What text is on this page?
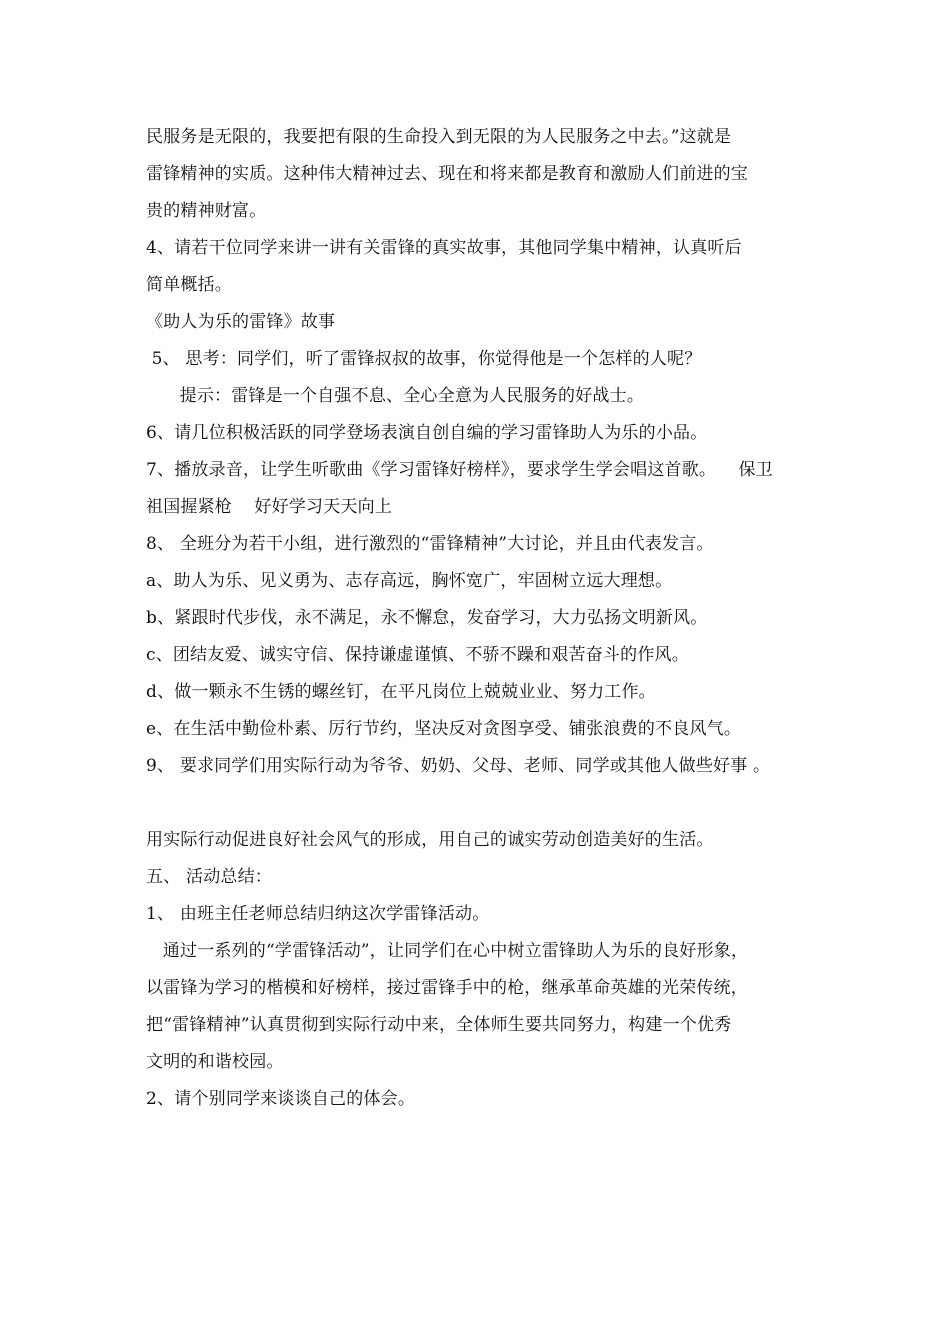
民服务是无限的，我要把有限的生命投入到无限的为人民服务之中去。”这就是
雷锋精神的实质。这种伟大精神过去、现在和将来都是教育和激励人们前进的宝
贵的精神财富。
4、请若干位同学来讲一讲有关雷锋的真实故事，其他同学集中精神，认真听后
简单概括。
《助人为乐的雷锋》故事
5、 思考：同学们，听了雷锋叔叔的故事，你觉得他是一个怎样的人呢？
提示：雷锋是一个自强不息、全心全意为人民服务的好战士。
6、请几位积极活跃的同学登场表演自创自编的学习雷锋助人为乐的小品。
7、播放录音，让学生听歌曲《学习雷锋好榜样》，要求学生学会唱这首歌。    保卫
祖国握紧枪    好好学习天天向上
8、 全班分为若干小组，进行激烈的“雷锋精神”大讨论，并且由代表发言。
a、助人为乐、见义勇为、志存高远，胸怀宽广，牢固树立远大理想。
b、紧跟时代步伐，永不满足，永不懈怠，发奋学习，大力弘扬文明新风。
c、团结友爱、诚实守信、保持谦虚谨慎、不骄不躁和艰苦奋斗的作风。
d、做一颗永不生锈的螺丝钉，在平凡岗位上兢兢业业、努力工作。
e、在生活中勤俭朴素、厉行节约，坚决反对贪图享受、铺张浪费的不良风气。
9、 要求同学们用实际行动为爷爷、奶奶、父母、老师、同学或其他人做些好事 。
用实际行动促进良好社会风气的形成，用自己的诚实劳动创造美好的生活。
五、 活动总结：
1、 由班主任老师总结归纳这次学雷锋活动。
通过一系列的“学雷锋活动”，让同学们在心中树立雷锋助人为乐的良好形象，
以雷锋为学习的楷模和好榜样，接过雷锋手中的枪，继承革命英雄的光荣传统，
把“雷锋精神”认真贯彻到实际行动中来，全体师生要共同努力，构建一个优秀
文明的和谐校园。
2、请个别同学来谈谈自己的体会。
